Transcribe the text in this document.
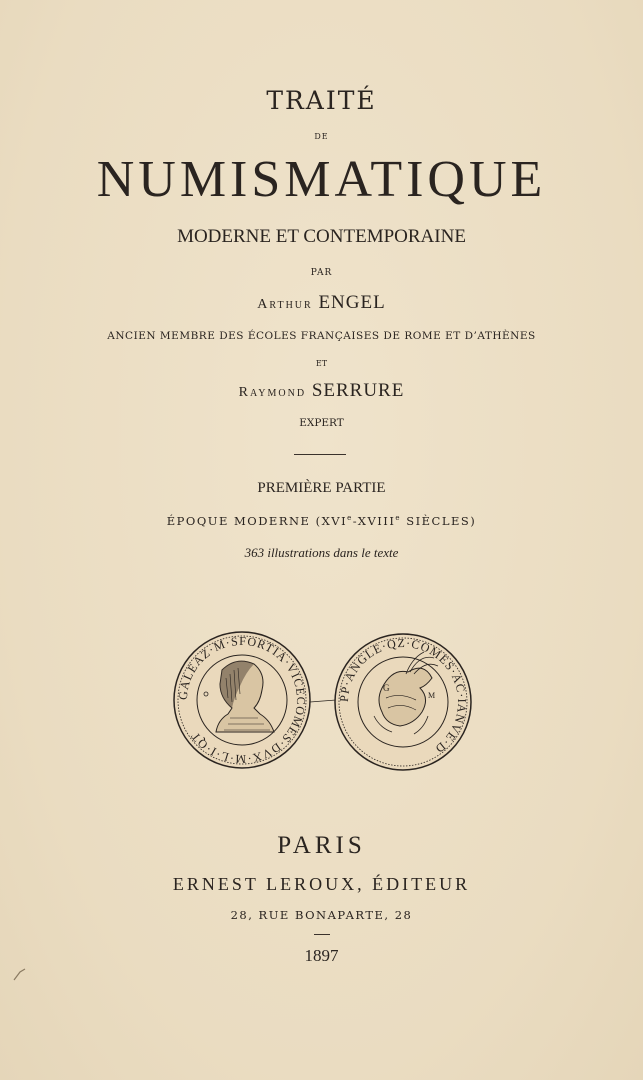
TRAITÉ
DE
NUMISMATIQUE
MODERNE ET CONTEMPORAINE
PAR
Arthur ENGEL
ANCIEN MEMBRE DES ÉCOLES FRANÇAISES DE ROME ET D’ATHÈNES
ET
Raymond SERRURE
EXPERT
PREMIÈRE PARTIE
ÉPOQUE MODERNE (XVIe-XVIIIe SIÈCLES)
363 illustrations dans le texte
GALEAZ·M·SFORTIA·VICECOMES·DVX·M·L·I·QT
PP·ANGLE·QZ·COMES·AC·IANVE·D
G
M
PARIS
ERNEST LEROUX, ÉDITEUR
28, RUE BONAPARTE, 28
1897
